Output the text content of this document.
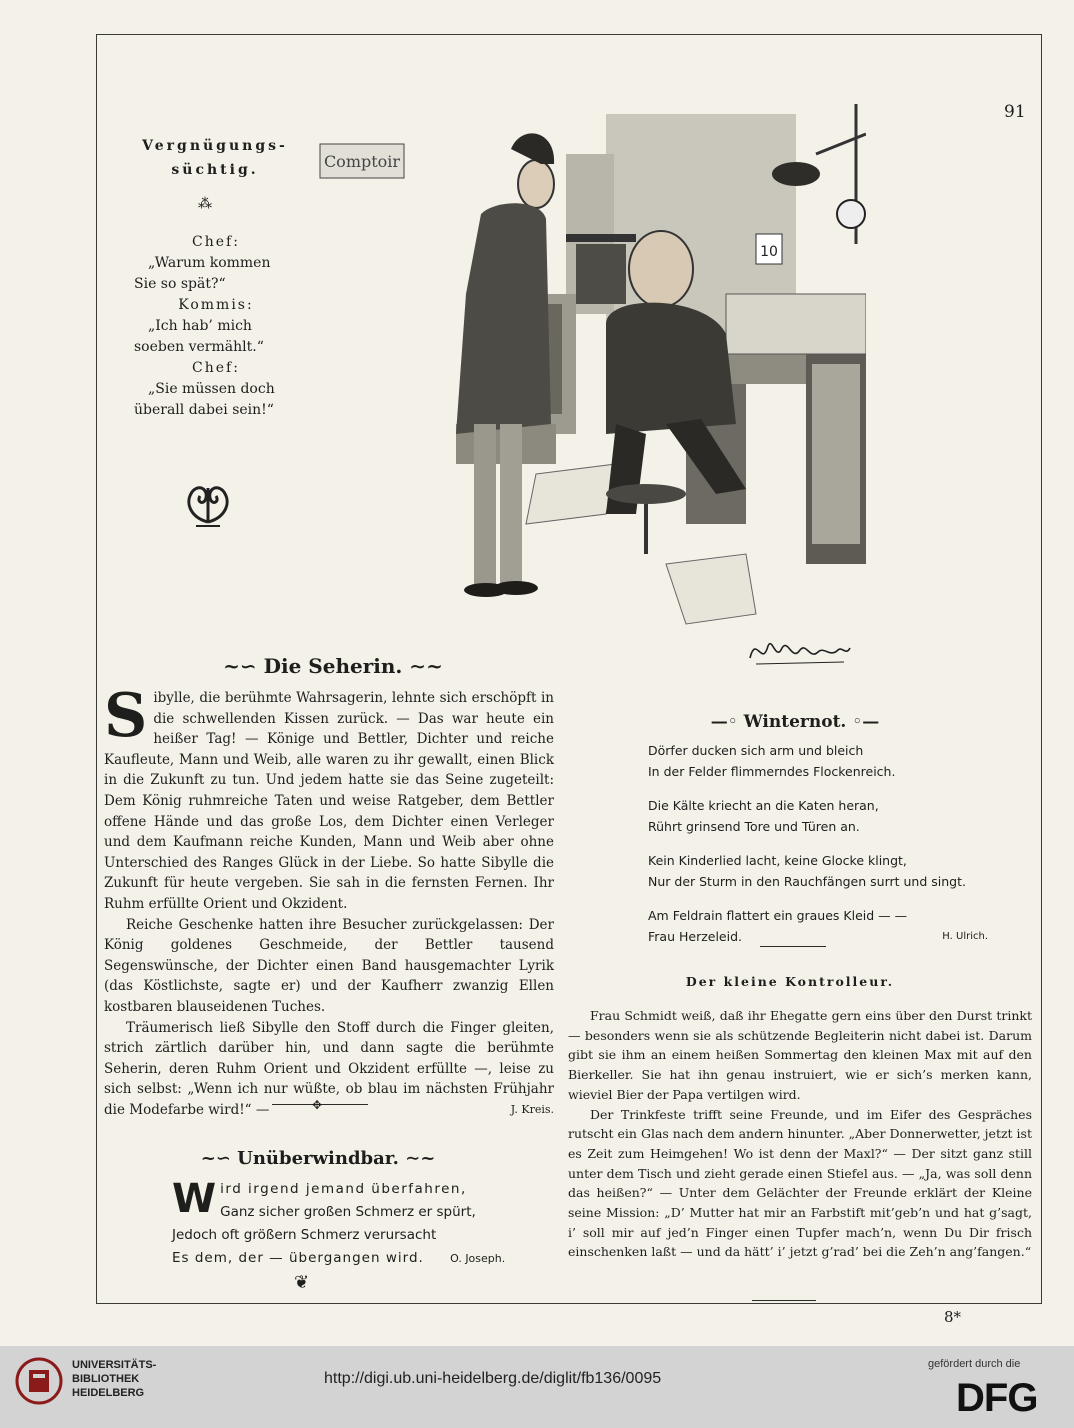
91
Vergnügungs-
süchtig.
⁂
Chef:
„Warum kommen
Sie so spät?“
Kommis:
„Ich hab’ mich
soeben vermählt.“
Chef:
„Sie müssen doch
überall dabei sein!“
Comptoir
10
~∽ Die Seherin. ∼~

Sibylle, die berühmte Wahrsagerin, lehnte sich erschöpft in die schwellenden Kissen zurück. — Das war heute ein heißer Tag! — Könige und Bettler, Dichter und reiche Kaufleute, Mann und Weib, alle waren zu ihr gewallt, einen Blick in die Zukunft zu tun. Und jedem hatte sie das Seine zugeteilt: Dem König ruhmreiche Taten und weise Ratgeber, dem Bettler offene Hände und das große Los, dem Dichter einen Verleger und dem Kaufmann reiche Kunden, Mann und Weib aber ohne Unterschied des Ranges Glück in der Liebe. So hatte Sibylle die Zukunft für heute vergeben. Sie sah in die fernsten Fernen. Ihr Ruhm erfüllte Orient und Okzident.

Reiche Geschenke hatten ihre Besucher zurückgelassen: Der König goldenes Geschmeide, der Bettler tausend Segenswünsche, der Dichter einen Band hausgemachter Lyrik (das Köstlichste, sagte er) und der Kaufherr zwanzig Ellen kostbaren blauseidenen Tuches.

Träumerisch ließ Sibylle den Stoff durch die Finger gleiten, strich zärtlich darüber hin, und dann sagte die berühmte Seherin, deren Ruhm Orient und Okzident erfüllte —, leise zu sich selbst: „Wenn ich nur wüßte, ob blau im nächsten Frühjahr die Modefarbe wird!“ —	J. Kreis.

✥
~∽ Unüberwindbar. ∼~
Wird irgend jemand überfahren,
Ganz sicher großen Schmerz er spürt,
Jedoch oft größern Schmerz verursacht
Es dem, der — übergangen wird. O. Joseph.
❦
—◦ Winternot. ◦—
Dörfer ducken sich arm und bleich
In der Felder flimmerndes Flockenreich.
Die Kälte kriecht an die Katen heran,
Rührt grinsend Tore und Türen an.
Kein Kinderlied lacht, keine Glocke klingt,
Nur der Sturm in den Rauchfängen surrt und singt.
Am Feldrain flattert ein graues Kleid — —
Frau Herzeleid.	H. Ulrich.
Der kleine Kontrolleur.

Frau Schmidt weiß, daß ihr Ehegatte gern eins über den Durst trinkt — besonders wenn sie als schützende Begleiterin nicht dabei ist. Darum gibt sie ihm an einem heißen Sommertag den kleinen Max mit auf den Bierkeller. Sie hat ihn genau instruiert, wie er sich’s merken kann, wieviel Bier der Papa vertilgen wird.

Der Trinkfeste trifft seine Freunde, und im Eifer des Gespräches rutscht ein Glas nach dem andern hinunter. „Aber Donnerwetter, jetzt ist es Zeit zum Heimgehen! Wo ist denn der Maxl?“ — Der sitzt ganz still unter dem Tisch und zieht gerade einen Stiefel aus. — „Ja, was soll denn das heißen?“ — Unter dem Gelächter der Freunde erklärt der Kleine seine Mission: „D’ Mutter hat mir an Farbstift mit’geb’n und hat g’sagt, i’ soll mir auf jed’n Finger einen Tupfer mach’n, wenn Du Dir frisch einschenken laßt — und da hätt’ i’ jetzt g’rad’ bei die Zeh’n ang’fangen.“

8*
UNIVERSITÄTS-
BIBLIOTHEK
HEIDELBERG
http://digi.ub.uni-heidelberg.de/diglit/fb136/0095
gefördert durch die
DFG
